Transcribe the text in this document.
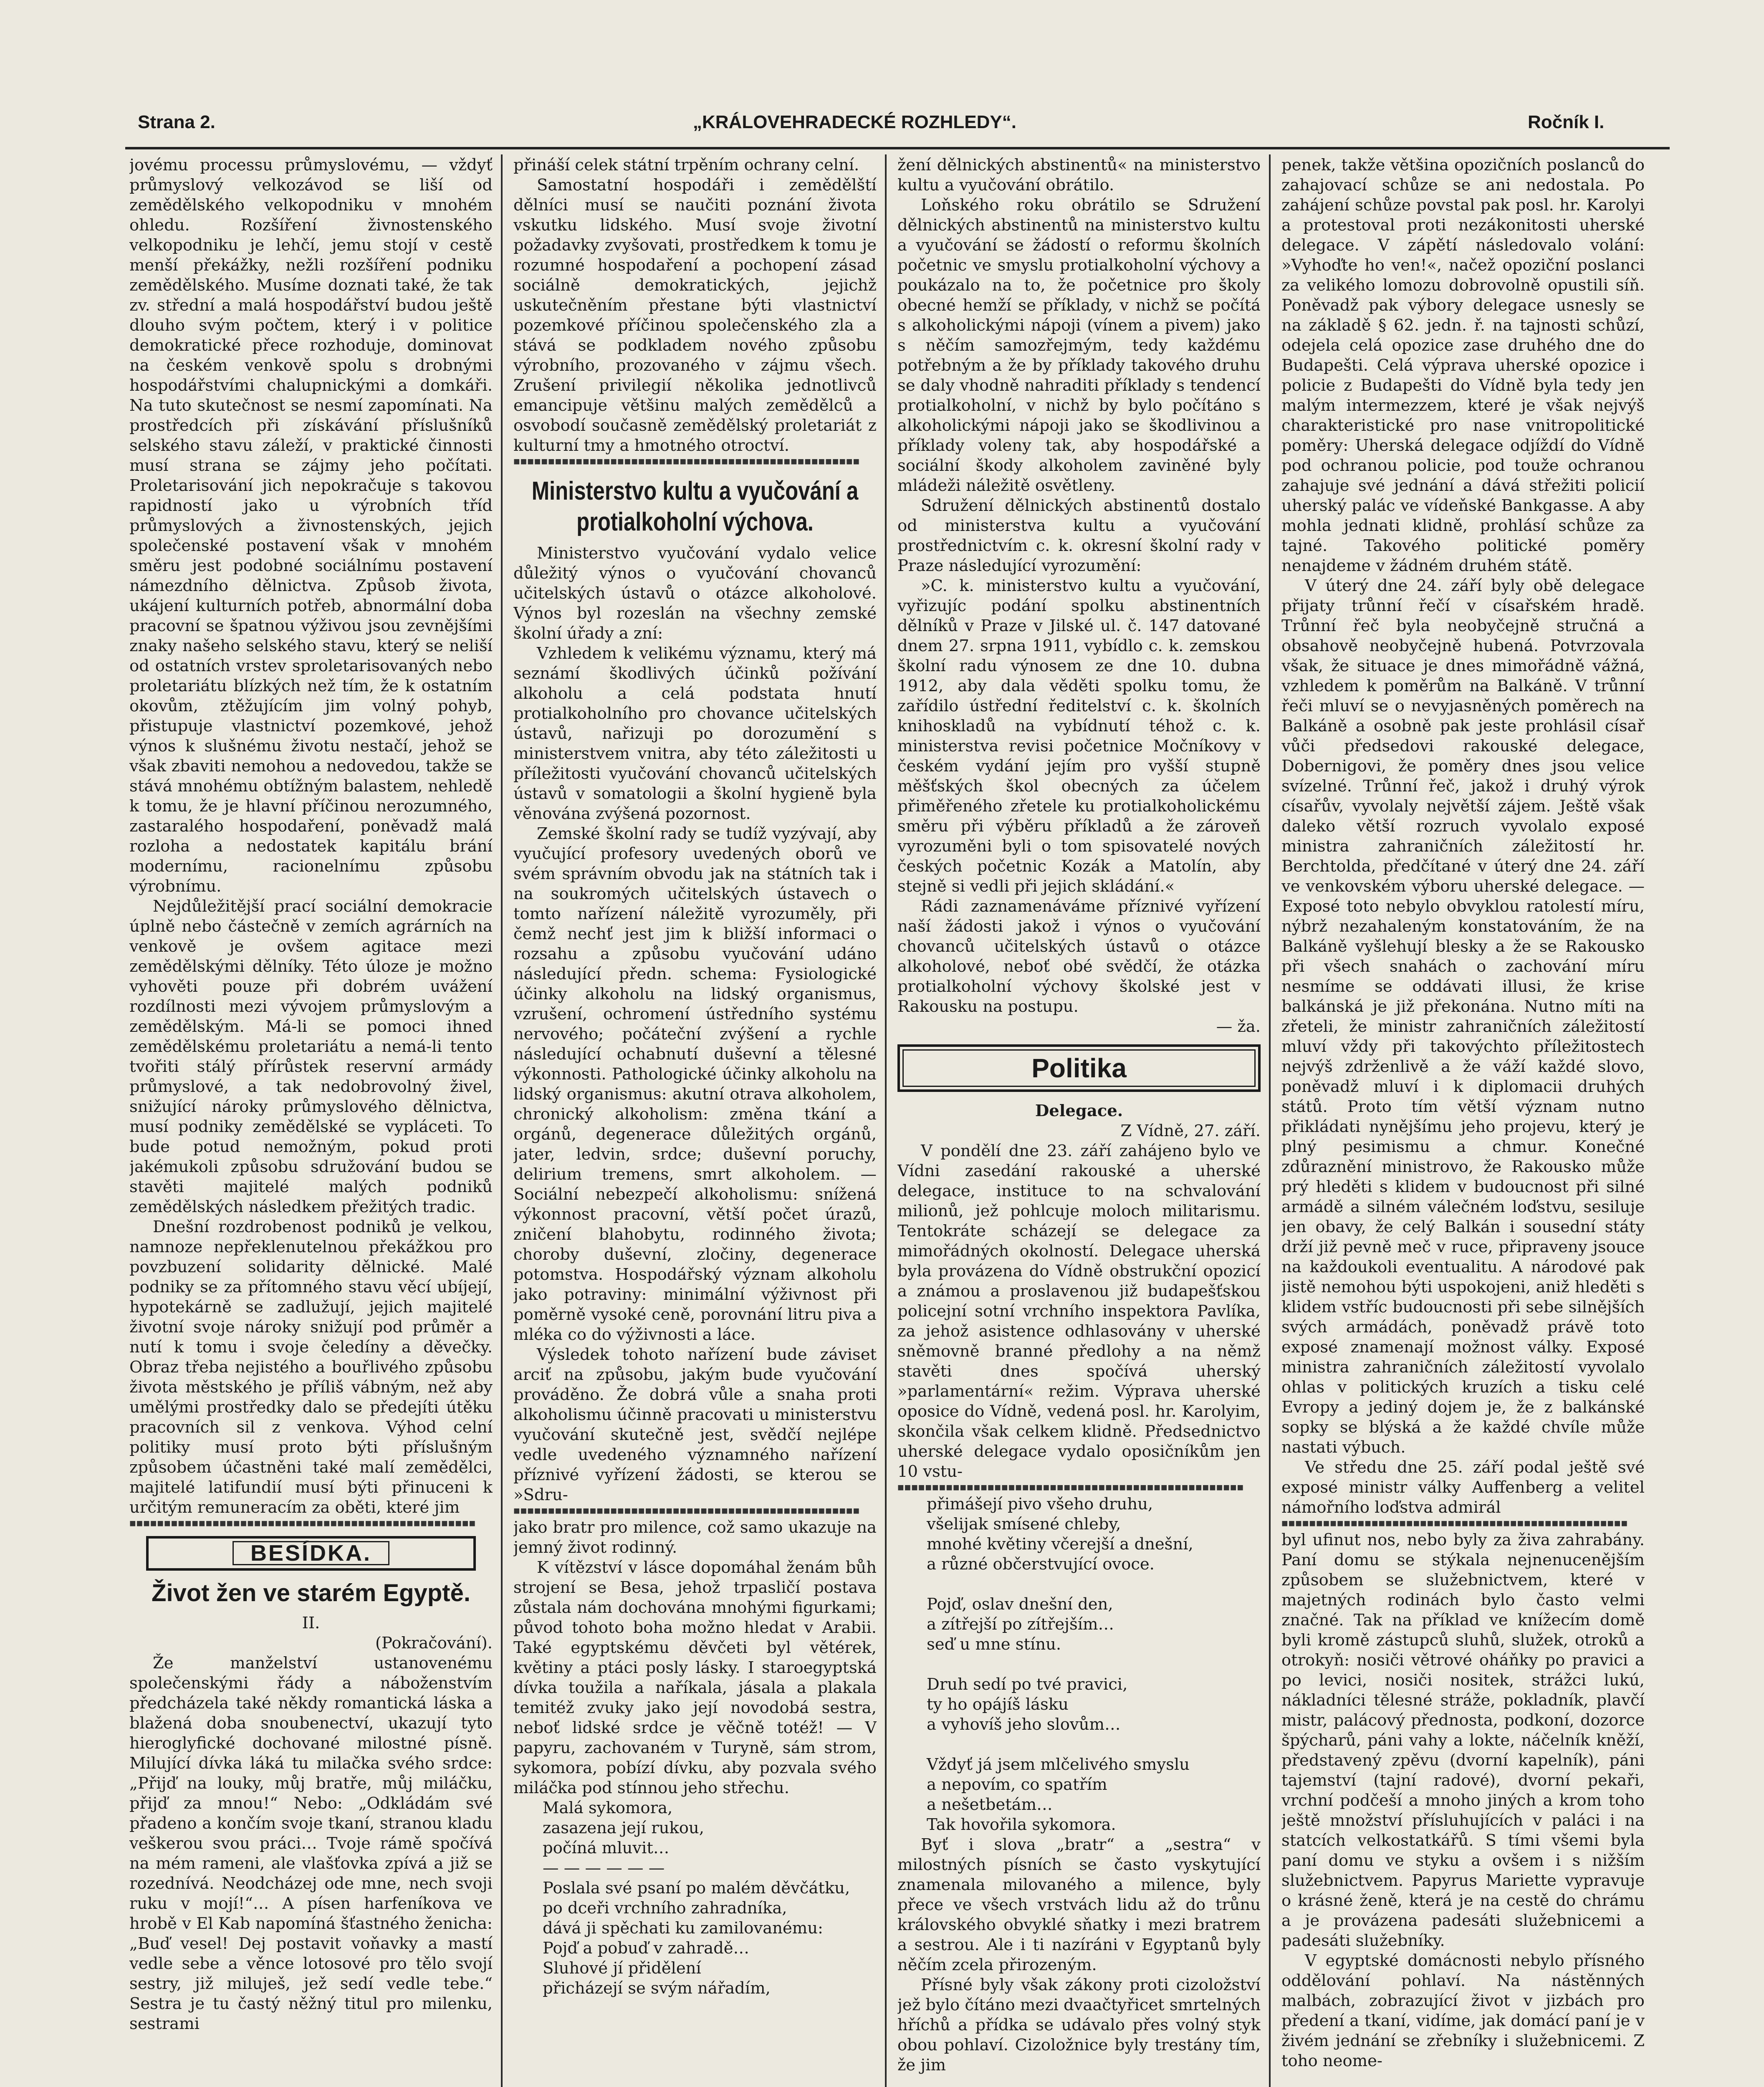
Strana 2.	„KRÁLOVEHRADECKÉ ROZHLEDY“.	Ročník I.

jovému processu průmyslovému, — vždyť průmyslový velkozávod se liší od zemědělského velkopodniku v mnohém ohledu. Rozšíření živnostenského velkopodniku je lehčí, jemu stojí v cestě menší překážky, nežli rozšíření podniku zemědělského. Musíme doznati také, že tak zv. střední a malá hospodářství budou ještě dlouho svým počtem, který i v politice demokratické přece rozhoduje, dominovat na českém venkově spolu s drobnými hospodářstvími chalupnickými a domkáři. Na tuto skutečnost se nesmí zapomínati. Na prostředcích při získávání příslušníků selského stavu záleží, v praktické činnosti musí strana se zájmy jeho počítati. Proletarisování jich nepokračuje s takovou rapidností jako u výrobních tříd průmyslových a živnostenských, jejich společenské postavení však v mnohém směru jest podobné sociálnímu postavení námezdního dělnictva. Způsob života, ukájení kulturních potřeb, abnormální doba pracovní se špatnou výživou jsou zevnějšími znaky našeho selského stavu, který se neliší od ostatních vrstev sproletarisovaných nebo proletariátu blízkých než tím, že k ostatním okovům, ztěžujícím jim volný pohyb, přistupuje vlastnictví pozemkové, jehož výnos k slušnému životu nestačí, jehož se však zbaviti nemohou a nedovedou, takže se stává mnohému obtížným balastem, nehledě k tomu, že je hlavní příčinou nerozumného, zastaralého hospodaření, poněvadž malá rozloha a nedostatek kapitálu brání modernímu, racionelnímu způsobu výrobnímu.

Nejdůležitější prací sociální demokracie úplně nebo částečně v zemích agrárních na venkově je ovšem agitace mezi zemědělskými dělníky. Této úloze je možno vyhověti pouze při dobrém uvážení rozdílnosti mezi vývojem průmyslovým a zemědělským. Má-li se pomoci ihned zemědělskému proletariátu a nemá-li tento tvořiti stálý přírůstek reservní armády průmyslové, a tak nedobrovolný živel, snižující nároky průmyslového dělnictva, musí podniky zemědělské se vypláceti. To bude potud nemožným, pokud proti jakémukoli způsobu sdružování budou se stavěti majitelé malých podniků zemědělských následkem přežitých tradic.

Dnešní rozdrobenost podniků je velkou, namnoze nepřeklenutelnou překážkou pro povzbuzení solidarity dělnické. Malé podniky se za přítomného stavu věcí ubíjejí, hypotekárně se zadlužují, jejich majitelé životní svoje nároky snižují pod průměr a nutí k tomu i svoje čeledíny a děvečky. Obraz třeba nejistého a bouřlivého způsobu života městského je příliš vábným, než aby umělými prostředky dalo se předejíti útěku pracovních sil z venkova. Výhod celní politiky musí proto býti příslušným způsobem účastněni také malí zemědělci, majitelé latifundií musí býti přinuceni k určitým remuneracím za oběti, které jim

■■■■■■■■■■■■■■■■■■■■■■■■■■■■■■■■■■■■■■■■■■■■■■■■■■
BESÍDKA.
Život žen ve starém Egyptě.

II.

(Pokračování).

Že manželství ustanovenému společenskými řády a náboženstvím předcházela také někdy romantická láska a blažená doba snoubenectví, ukazují tyto hieroglyfické dochované milostné písně. Milující dívka láká tu milačka svého srdce: „Přijď na louky, můj bratře, můj miláčku, přijď za mnou!“ Nebo: „Odkládám své přadeno a končím svoje tkaní, stranou kladu veškerou svou práci… Tvoje rámě spočívá na mém rameni, ale vlašťovka zpívá a již se rozednívá. Neodcházej ode mne, nech svoji ruku v mojí!“… A písen harfeníkova ve hrobě v El Kab napomíná šťastného ženicha: „Buď vesel! Dej postavit voňavky a mastí vedle sebe a věnce lotosové pro tělo svojí sestry, již miluješ, jež sedí vedle tebe.“ Sestra je tu častý něžný titul pro milenku, sestrami

přináší celek státní trpěním ochrany celní.

Samostatní hospodáři i zemědělští dělníci musí se naučiti poznání života vskutku lidského. Musí svoje životní požadavky zvyšovati, prostředkem k tomu je rozumné hospodaření a pochopení zásad sociálně demokratických, jejichž uskutečněním přestane býti vlastnictví pozemkové příčinou společenského zla a stává se podkladem nového způsobu výrobního, prozovaného v zájmu všech. Zrušení privilegií několika jednotlivců emancipuje většinu malých zemědělců a osvobodí současně zemědělský proletariát z kulturní tmy a hmotného otroctví.

■■■■■■■■■■■■■■■■■■■■■■■■■■■■■■■■■■■■■■■■■■■■■■■■■■
Ministerstvo kultu a vyučování a protialkoholní výchova.

Ministerstvo vyučování vydalo velice důležitý výnos o vyučování chovanců učitelských ústavů o otázce alkoholové. Výnos byl rozeslán na všechny zemské školní úřady a zní:

Vzhledem k velikému významu, který má seznámí škodlivých účinků požívání alkoholu a celá podstata hnutí protialkoholního pro chovance učitelských ústavů, nařizuji po dorozumění s ministerstvem vnitra, aby této záležitosti u příležitosti vyučování chovanců učitelských ústavů v somatologii a školní hygieně byla věnována zvýšená pozornost.

Zemské školní rady se tudíž vyzývají, aby vyučující profesory uvedených oborů ve svém správním obvodu jak na státních tak i na soukromých učitelských ústavech o tomto nařízení náležitě vyrozuměly, při čemž nechť jest jim k bližší informaci o rozsahu a způsobu vyučování udáno následující předn. schema: Fysiologické účinky alkoholu na lidský organismus, vzrušení, ochromení ústředního systému nervového; počáteční zvýšení a rychle následující ochabnutí duševní a tělesné výkonnosti. Pathologické účinky alkoholu na lidský organismus: akutní otrava alkoholem, chronický alkoholism: změna tkání a orgánů, degenerace důležitých orgánů, jater, ledvin, srdce; duševní poruchy, delirium tremens, smrt alkoholem. — Sociální nebezpečí alkoholismu: snížená výkonnost pracovní, větší počet úrazů, zničení blahobytu, rodinného života; choroby duševní, zločiny, degenerace potomstva. Hospodářský význam alkoholu jako potraviny: minimální výživnost při poměrně vysoké ceně, porovnání litru piva a mléka co do výživnosti a láce.

Výsledek tohoto nařízení bude záviset arciť na způsobu, jakým bude vyučování prováděno. Že dobrá vůle a snaha proti alkoholismu účinně pracovati u ministerstvu vyučování skutečně jest, svědčí nejlépe vedle uvedeného významného nařízení příznivé vyřízení žádosti, se kterou se »Sdru-

■■■■■■■■■■■■■■■■■■■■■■■■■■■■■■■■■■■■■■■■■■■■■■■■■■

jako bratr pro milence, což samo ukazuje na jemný život rodinný.

K vítězství v lásce dopomáhal ženám bůh strojení se Besa, jehož trpasličí postava zůstala nám dochována mnohými figurkami; původ tohoto boha možno hledat v Arabii. Také egyptskému děvčeti byl větérek, květiny a ptáci posly lásky. I staroegyptská dívka toužila a naříkala, jásala a plakala temitéž zvuky jako její novodobá sestra, neboť lidské srdce je věčně totéž! — V papyru, zachovaném v Turyně, sám strom, sykomora, pobízí dívku, aby pozvala svého miláčka pod stínnou jeho střechu.

Malá sykomora,
zasazena její rukou,
počíná mluvit…
— — — — — —
Poslala své psaní po malém děvčátku,
po dceři vrchního zahradníka,
dává ji spěchati ku zamilovanému:
Pojď a pobuď v zahradě…
Sluhové jí přidělení
přicházejí se svým nářadím,

žení dělnických abstinentů« na ministerstvo kultu a vyučování obrátilo.

Loňského roku obrátilo se Sdružení dělnických abstinentů na ministerstvo kultu a vyučování se žádostí o reformu školních početnic ve smyslu protialkoholní výchovy a poukázalo na to, že početnice pro školy obecné hemží se příklady, v nichž se počítá s alkoholickými nápoji (vínem a pivem) jako s něčím samozřejmým, tedy každému potřebným a že by příklady takového druhu se daly vhodně nahraditi příklady s tendencí protialkoholní, v nichž by bylo počítáno s alkoholickými nápoji jako se škodlivinou a příklady voleny tak, aby hospodářské a sociální škody alkoholem zaviněné byly mládeži náležitě osvětleny.

Sdružení dělnických abstinentů dostalo od ministerstva kultu a vyučování prostřednictvím c. k. okresní školní rady v Praze následující vyrozumění:

»C. k. ministerstvo kultu a vyučování, vyřizujíc podání spolku abstinentních dělníků v Praze v Jilské ul. č. 147 datované dnem 27. srpna 1911, vybídlo c. k. zemskou školní radu výnosem ze dne 10. dubna 1912, aby dala věděti spolku tomu, že zařídilo ústřední ředitelství c. k. školních knihoskladů na vybídnutí téhož c. k. ministerstva revisi početnice Močníkovy v českém vydání jejím pro vyšší stupně měšťských škol obecných za účelem přiměřeného zřetele ku protialkoholickému směru při výběru příkladů a že zároveň vyrozuměni byli o tom spisovatelé nových českých početnic Kozák a Matolín, aby stejně si vedli při jejich skládání.«

Rádi zaznamenáváme příznivé vyřízení naší žádosti jakož i výnos o vyučování chovanců učitelských ústavů o otázce alkoholové, neboť obé svědčí, že otázka protialkoholní výchovy školské jest v Rakousku na postupu.

— ža.

Politika

Delegace.

Z Vídně, 27. září.

V pondělí dne 23. září zahájeno bylo ve Vídni zasedání rakouské a uherské delegace, instituce to na schvalování milionů, jež pohlcuje moloch militarismu. Tentokráte scházejí se delegace za mimořádných okolností. Delegace uherská byla provázena do Vídně obstrukční opozicí a známou a proslavenou již budapešťskou policejní sotní vrchního inspektora Pavlíka, za jehož asistence odhlasovány v uherské sněmovně branné předlohy a na němž stavěti dnes spočívá uherský »parlamentární« režim. Výprava uherské oposice do Vídně, vedená posl. hr. Karolyim, skončila však celkem klidně. Předsednictvo uherské delegace vydalo oposičníkům jen 10 vstu-

■■■■■■■■■■■■■■■■■■■■■■■■■■■■■■■■■■■■■■■■■■■■■■■■■■
přimášejí pivo všeho druhu,
všelijak smísené chleby,
mnohé květiny včerejší a dnešní,
a různé občerstvující ovoce.

Pojď, oslav dnešní den,
a zítřejší po zítřejším…
seď u mne stínu.

Druh sedí po tvé pravici,
ty ho opájíš lásku
a vyhovíš jeho slovům…

Vždyť já jsem mlčelivého smyslu
a nepovím, co spatřím
a nešetbetám…
Tak hovořila sykomora.

Byť i slova „bratr“ a „sestra“ v milostných písních se často vyskytující znamenala milovaného a milence, byly přece ve všech vrstvách lidu až do trůnu královského obvyklé sňatky i mezi bratrem a sestrou. Ale i ti nazíráni v Egyptanů byly něčím zcela přirozeným.

Přísné byly však zákony proti cizoložství jež bylo čítáno mezi dvaačtyřicet smrtelných hříchů a přídka se udávalo přes volný styk obou pohlaví. Cizoložnice byly trestány tím, že jim

penek, takže většina opozičních poslanců do zahajovací schůze se ani nedostala. Po zahájení schůze povstal pak posl. hr. Karolyi a protestoval proti nezákonitosti uherské delegace. V zápětí následovalo volání: »Vyhoďte ho ven!«, načež opoziční poslanci za velikého lomozu dobrovolně opustili síň. Poněvadž pak výbory delegace usnesly se na základě § 62. jedn. ř. na tajnosti schůzí, odejela celá opozice zase druhého dne do Budapešti. Celá výprava uherské opozice i policie z Budapešti do Vídně byla tedy jen malým intermezzem, které je však nejvýš charakteristické pro nase vnitropolitické poměry: Uherská delegace odjíždí do Vídně pod ochranou policie, pod touže ochranou zahajuje své jednání a dává střežiti policií uherský palác ve vídeňské Bankgasse. A aby mohla jednati klidně, prohlásí schůze za tajné. Takového politické poměry nenajdeme v žádném druhém státě.

V úterý dne 24. září byly obě delegace přijaty trůnní řečí v císařském hradě. Trůnní řeč byla neobyčejně stručná a obsahově neobyčejně hubená. Potvrzovala však, že situace je dnes mimořádně vážná, vzhledem k poměrům na Balkáně. V trůnní řeči mluví se o nevyjasněných poměrech na Balkáně a osobně pak jeste prohlásil císař vůči předsedovi rakouské delegace, Dobernigovi, že poměry dnes jsou velice svízelné. Trůnní řeč, jakož i druhý výrok císařův, vyvolaly největší zájem. Ještě však daleko větší rozruch vyvolalo exposé ministra zahraničních záležitostí hr. Berchtolda, předčítané v úterý dne 24. září ve venkovském výboru uherské delegace. — Exposé toto nebylo obvyklou ratolestí míru, nýbrž nezahaleným konstatováním, že na Balkáně vyšlehují blesky a že se Rakousko při všech snahách o zachování míru nesmíme se oddávati illusi, že krise balkánská je již překonána. Nutno míti na zřeteli, že ministr zahraničních záležitostí mluví vždy při takovýchto příležitostech nejvýš zdrženlivě a že váží každé slovo, poněvadž mluví i k diplomacii druhých států. Proto tím větší význam nutno přikládati nynějšímu jeho projevu, který je plný pesimismu a chmur. Konečné zdůraznění ministrovo, že Rakousko může prý hleděti s klidem v budoucnost při silné armádě a silném válečném loďstvu, sesiluje jen obavy, že celý Balkán i sousední státy drží již pevně meč v ruce, připraveny jsouce na každoukoli eventualitu. A národové pak jistě nemohou býti uspokojeni, aniž hleděti s klidem vstříc budoucnosti při sebe silnějších svých armádách, poněvadž právě toto exposé znamenají možnost války. Exposé ministra zahraničních záležitostí vyvolalo ohlas v politických kruzích a tisku celé Evropy a jediný dojem je, že z balkánské sopky se blýská a že každé chvíle může nastati výbuch.

Ve středu dne 25. září podal ještě své exposé ministr války Auffenberg a velitel námořního loďstva admirál

■■■■■■■■■■■■■■■■■■■■■■■■■■■■■■■■■■■■■■■■■■■■■■■■■■

byl ufinut nos, nebo byly za živa zahrabány. Paní domu se stýkala nejnenucenějším způsobem se služebnictvem, které v majetných rodinách bylo často velmi značné. Tak na příklad ve knížecím domě byli kromě zástupců sluhů, služek, otroků a otrokyň: nosiči větrové oháňky po pravici a po levici, nosiči nositek, strážci lukú, nákladníci tělesné stráže, pokladník, plavčí mistr, palácový přednosta, podkoní, dozorce špýcharů, páni vahy a lokte, náčelník kněží, představený zpěvu (dvorní kapelník), páni tajemství (tajní radové), dvorní pekaři, vrchní podčeší a mnoho jiných a krom toho ještě množství přísluhujících v paláci i na statcích velkostatkářů. S tími všemi byla paní domu ve styku a ovšem i s nižším služebnictvem. Papyrus Mariette vypravuje o krásné ženě, která je na cestě do chrámu a je provázena padesáti služebnicemi a padesáti služebníky.

V egyptské domácnosti nebylo přísného oddělování pohlaví. Na nástěnných malbách, zobrazující život v jizbách pro předení a tkaní, vidíme, jak domácí paní je v živém jednání se zřebníky i služebnicemi. Z toho neome-
